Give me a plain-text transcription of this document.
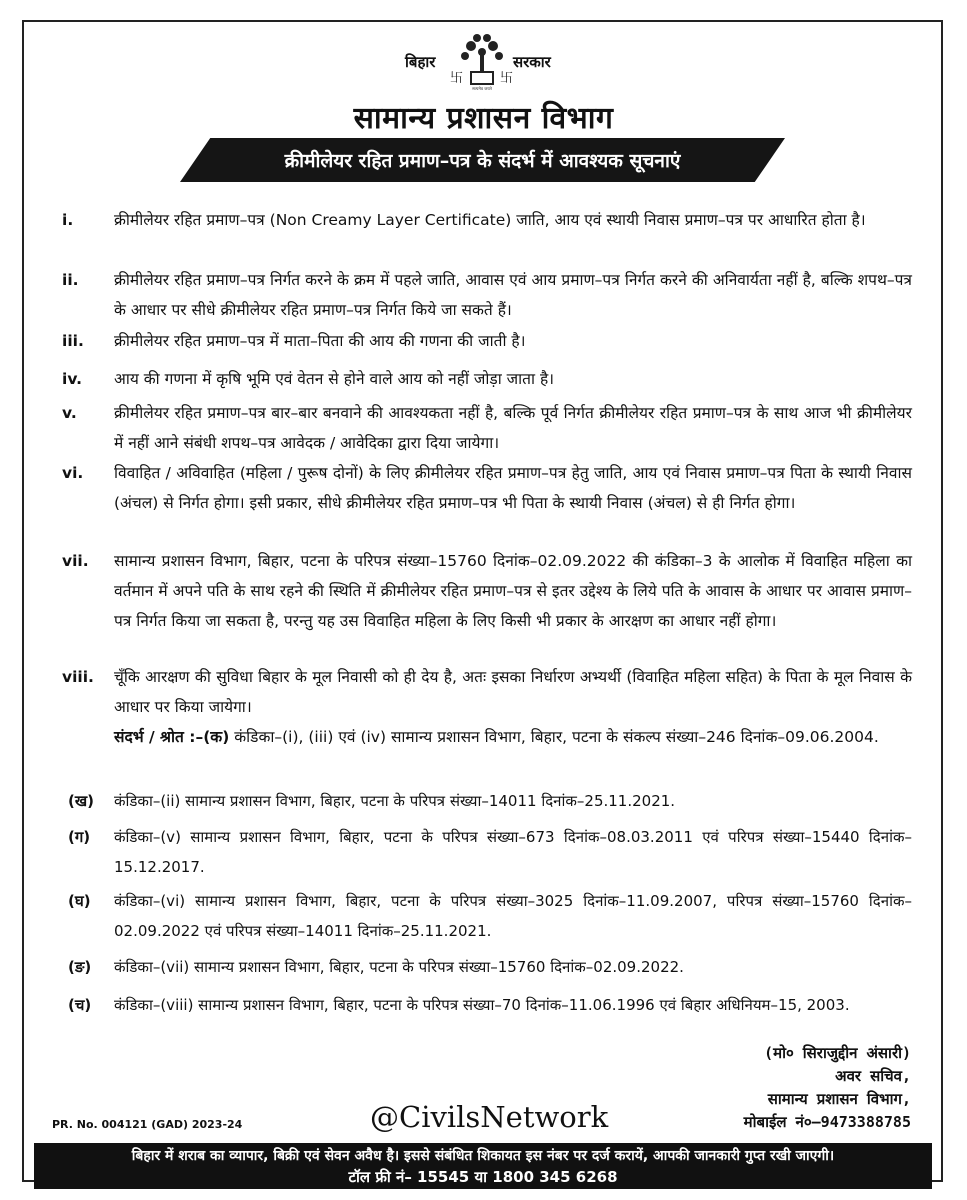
बिहार
卐	卐
सत्यमेव जयते
सरकार
सामान्य प्रशासन विभाग
क्रीमीलेयर रहित प्रमाण–पत्र के संदर्भ में आवश्यक सूचनाएं
i.	क्रीमीलेयर रहित प्रमाण–पत्र (Non Creamy Layer Certificate) जाति, आय एवं स्थायी निवास प्रमाण–पत्र पर आधारित होता है।
ii.	क्रीमीलेयर रहित प्रमाण–पत्र निर्गत करने के क्रम में पहले जाति, आवास एवं आय प्रमाण–पत्र निर्गत करने की अनिवार्यता नहीं है, बल्कि शपथ–पत्र के आधार पर सीधे क्रीमीलेयर रहित प्रमाण–पत्र निर्गत किये जा सकते हैं।
iii.	क्रीमीलेयर रहित प्रमाण–पत्र में माता–पिता की आय की गणना की जाती है।
iv.	आय की गणना में कृषि भूमि एवं वेतन से होने वाले आय को नहीं जोड़ा जाता है।
v.	क्रीमीलेयर रहित प्रमाण–पत्र बार–बार बनवाने की आवश्यकता नहीं है, बल्कि पूर्व निर्गत क्रीमीलेयर रहित प्रमाण–पत्र के साथ आज भी क्रीमीलेयर में नहीं आने संबंधी शपथ–पत्र आवेदक / आवेदिका द्वारा दिया जायेगा।
vi.	विवाहित / अविवाहित (महिला / पुरूष दोनों) के लिए क्रीमीलेयर रहित प्रमाण–पत्र हेतु जाति, आय एवं निवास प्रमाण–पत्र पिता के स्थायी निवास (अंचल) से निर्गत होगा। इसी प्रकार, सीधे क्रीमीलेयर रहित प्रमाण–पत्र भी पिता के स्थायी निवास (अंचल) से ही निर्गत होगा।
vii.	सामान्य प्रशासन विभाग, बिहार, पटना के परिपत्र संख्या–15760 दिनांक–02.09.2022 की कंडिका–3 के आलोक में विवाहित महिला का वर्तमान में अपने पति के साथ रहने की स्थिति में क्रीमीलेयर रहित प्रमाण–पत्र से इतर उद्देश्य के लिये पति के आवास के आधार पर आवास प्रमाण–पत्र निर्गत किया जा सकता है, परन्तु यह उस विवाहित महिला के लिए किसी भी प्रकार के आरक्षण का आधार नहीं होगा।
viii.	चूँकि आरक्षण की सुविधा बिहार के मूल निवासी को ही देय है, अतः इसका निर्धारण अभ्यर्थी (विवाहित महिला सहित) के पिता के मूल निवास के आधार पर किया जायेगा।
संदर्भ / श्रोत :–(क) कंडिका–(i), (iii) एवं (iv) सामान्य प्रशासन विभाग, बिहार, पटना के संकल्प संख्या–246 दिनांक–09.06.2004.
(ख) कंडिका–(ii) सामान्य प्रशासन विभाग, बिहार, पटना के परिपत्र संख्या–14011 दिनांक–25.11.2021.
(ग) कंडिका–(v) सामान्य प्रशासन विभाग, बिहार, पटना के परिपत्र संख्या–673 दिनांक–08.03.2011 एवं परिपत्र संख्या–15440 दिनांक–15.12.2017.
(घ) कंडिका–(vi) सामान्य प्रशासन विभाग, बिहार, पटना के परिपत्र संख्या–3025 दिनांक–11.09.2007, परिपत्र संख्या–15760 दिनांक–02.09.2022 एवं परिपत्र संख्या–14011 दिनांक–25.11.2021.
(ङ) कंडिका–(vii) सामान्य प्रशासन विभाग, बिहार, पटना के परिपत्र संख्या–15760 दिनांक–02.09.2022.
(च) कंडिका–(viii) सामान्य प्रशासन विभाग, बिहार, पटना के परिपत्र संख्या–70 दिनांक–11.06.1996 एवं बिहार अधिनियम–15, 2003.
(मो० सिराजुद्दीन अंसारी)
अवर सचिव,
सामान्य प्रशासन विभाग,
मोबाईल नं०–9473388785
PR. No. 004121 (GAD) 2023-24	@CivilsNetwork
बिहार में शराब का व्यापार, बिक्री एवं सेवन अवैध है। इससे संबंधित शिकायत इस नंबर पर दर्ज करायें, आपकी जानकारी गुप्त रखी जाएगी।
टॉल फ्री नं– 15545 या 1800 345 6268
